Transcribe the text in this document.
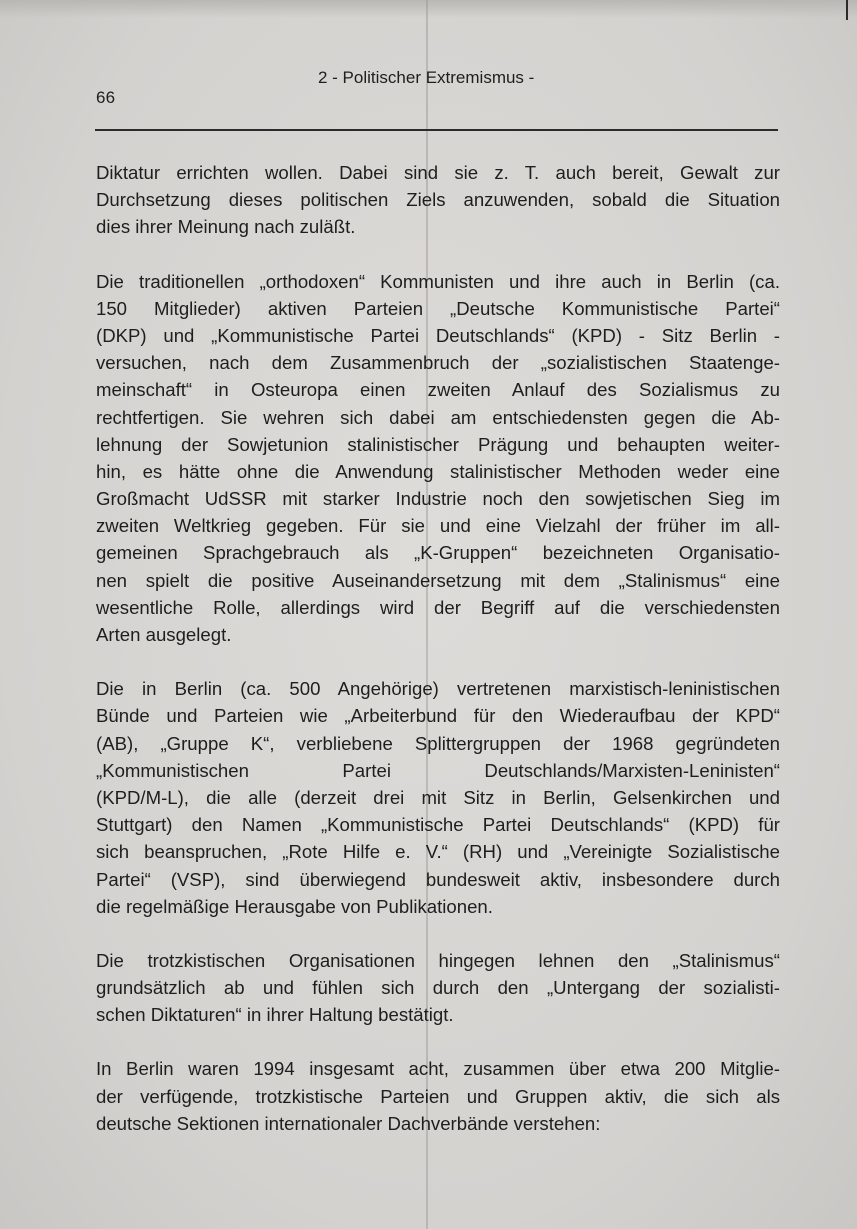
2 - Politischer Extremismus -
66

Diktatur errichten wollen. Dabei sind sie z. T. auch bereit, Gewalt zur
Durchsetzung dieses politischen Ziels anzuwenden, sobald die Situation
dies ihrer Meinung nach zuläßt.

Die traditionellen „orthodoxen“ Kommunisten und ihre auch in Berlin (ca.
150 Mitglieder) aktiven Parteien „Deutsche Kommunistische Partei“
(DKP) und „Kommunistische Partei Deutschlands“ (KPD) - Sitz Berlin -
versuchen, nach dem Zusammenbruch der „sozialistischen Staatenge-
meinschaft“ in Osteuropa einen zweiten Anlauf des Sozialismus zu
rechtfertigen. Sie wehren sich dabei am entschiedensten gegen die Ab-
lehnung der Sowjetunion stalinistischer Prägung und behaupten weiter-
hin, es hätte ohne die Anwendung stalinistischer Methoden weder eine
Großmacht UdSSR mit starker Industrie noch den sowjetischen Sieg im
zweiten Weltkrieg gegeben. Für sie und eine Vielzahl der früher im all-
gemeinen Sprachgebrauch als „K-Gruppen“ bezeichneten Organisatio-
nen spielt die positive Auseinandersetzung mit dem „Stalinismus“ eine
wesentliche Rolle, allerdings wird der Begriff auf die verschiedensten
Arten ausgelegt.

Die in Berlin (ca. 500 Angehörige) vertretenen marxistisch-leninistischen
Bünde und Parteien wie „Arbeiterbund für den Wiederaufbau der KPD“
(AB), „Gruppe K“, verbliebene Splittergruppen der 1968 gegründeten
„Kommunistischen Partei Deutschlands/Marxisten-Leninisten“
(KPD/M-L), die alle (derzeit drei mit Sitz in Berlin, Gelsenkirchen und
Stuttgart) den Namen „Kommunistische Partei Deutschlands“ (KPD) für
sich beanspruchen, „Rote Hilfe e. V.“ (RH) und „Vereinigte Sozialistische
Partei“ (VSP), sind überwiegend bundesweit aktiv, insbesondere durch
die regelmäßige Herausgabe von Publikationen.

Die trotzkistischen Organisationen hingegen lehnen den „Stalinismus“
grundsätzlich ab und fühlen sich durch den „Untergang der sozialisti-
schen Diktaturen“ in ihrer Haltung bestätigt.

In Berlin waren 1994 insgesamt acht, zusammen über etwa 200 Mitglie-
der verfügende, trotzkistische Parteien und Gruppen aktiv, die sich als
deutsche Sektionen internationaler Dachverbände verstehen:
